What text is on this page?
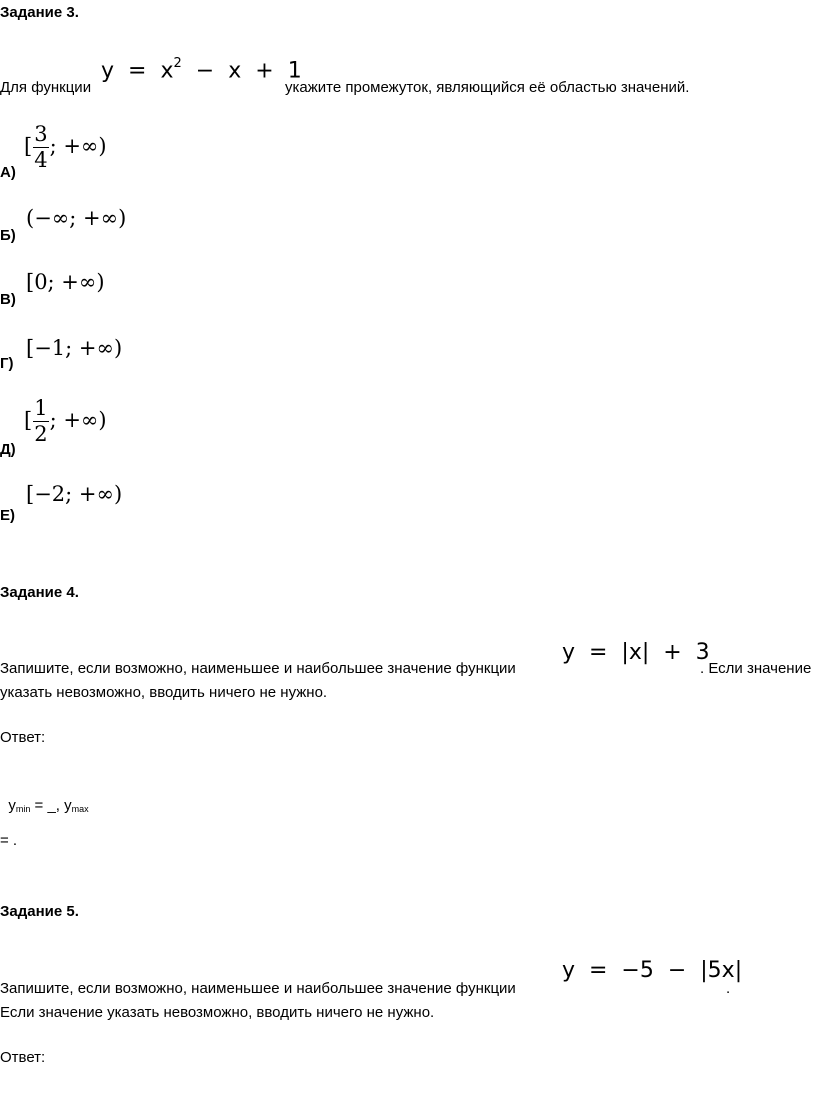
Задание 3.
Для функции
$y = x^2 - x + 1$
укажите промежуток, являющийся её областью значений.
А)
[ $\frac{3}{4}$ ; +∞)
Б)
(−∞; +∞)
В)
[0; +∞)
Г)
[−1; +∞)
Д)
[ $\frac{1}{2}$ ; +∞)
Е)
[−2; +∞)
Задание 4.
Запишите, если возможно, наименьшее и наибольшее значение функции
y  =  |x|  +  3
. Если значение
указать невозможно, вводить ничего не нужно.
Ответ:

ymin = _, ymax

= .
Задание 5.
Запишите, если возможно, наименьшее и наибольшее значение функции
y  =  −5  −  |5x|
.
Если значение указать невозможно, вводить ничего не нужно.
Ответ:
